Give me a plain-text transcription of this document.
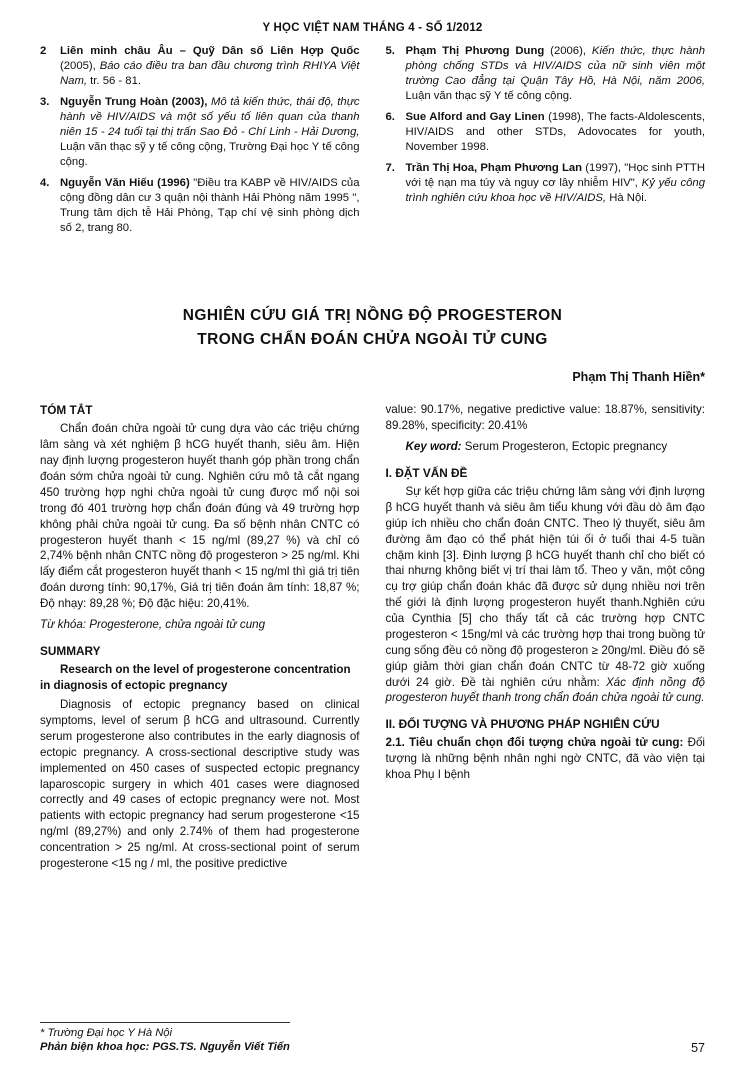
Y HỌC VIỆT NAM THÁNG 4 - SỐ 1/2012
2	Liên minh châu Âu – Quỹ Dân số Liên Hợp Quốc (2005), Báo cáo điều tra ban đầu chương trình RHIYA Việt Nam, tr. 56 - 81.
3. Nguyễn Trung Hoàn (2003), Mô tả kiến thức, thái độ, thực hành về HIV/AIDS và một số yếu tố liên quan của thanh niên 15 - 24 tuổi tại thị trấn Sao Đỏ - Chí Linh - Hải Dương, Luận văn thạc sỹ y tế công cộng, Trường Đại học Y tế công cộng.
4. Nguyễn Văn Hiếu (1996) "Điều tra KABP về HIV/AIDS của cộng đồng dân cư 3 quận nội thành Hải Phòng năm 1995 ", Trung tâm dịch tễ Hải Phòng, Tạp chí vệ sinh phòng dịch số 2, trang 80.
5. Phạm Thị Phương Dung (2006), Kiến thức, thực hành phòng chống STDs và HIV/AIDS của nữ sinh viên một trường Cao đẳng tại Quận Tây Hồ, Hà Nội, năm 2006, Luận văn thạc sỹ Y tế công cộng.
6. Sue Alford and Gay Linen (1998), The facts-Aldolescents, HIV/AIDS and other STDs, Adovocates for youth, November 1998.
7. Trần Thị Hoa, Phạm Phương Lan (1997), "Học sinh PTTH với tệ nạn ma túy và nguy cơ lây nhiễm HIV", Kỷ yếu công trình nghiên cứu khoa học về HIV/AIDS, Hà Nội.
NGHIÊN CỨU GIÁ TRỊ NỒNG ĐỘ PROGESTERON
TRONG CHẨN ĐOÁN CHỬA NGOÀI TỬ CUNG
Phạm Thị Thanh Hiền*
TÓM TẮT

Chẩn đoán chửa ngoài tử cung dựa vào các triệu chứng lâm sàng và xét nghiệm β hCG huyết thanh, siêu âm. Hiện nay định lượng progesteron huyết thanh góp phần trong chẩn đoán sớm chửa ngoài tử cung. Nghiên cứu mô tả cắt ngang 450 trường hợp nghi chửa ngoài tử cung được mổ nội soi trong đó 401 trường hợp chẩn đoán đúng và 49 trường hợp không phải chửa ngoài tử cung. Đa số bệnh nhân CNTC có progesteron huyết thanh < 15 ng/ml (89,27 %) và chỉ có 2,74% bệnh nhân CNTC nồng độ progesteron > 25 ng/ml. Khi lấy điểm cắt progesteron huyết thanh < 15 ng/ml thì giá trị tiên đoán dương tính: 90,17%, Giá trị tiên đoán âm tính: 18,87 %; Độ nhạy: 89,28 %; Độ đặc hiệu: 20,41%.

Từ khóa: Progesterone, chửa ngoài tử cung

SUMMARY

Research on the level of progesterone concentration in diagnosis of ectopic pregnancy

Diagnosis of ectopic pregnancy based on clinical symptoms, level of serum β hCG and ultrasound. Currently serum progesterone also contributes in the early diagnosis of ectopic pregnancy. A cross-sectional descriptive study was implemented on 450 cases of suspected ectopic pregnancy laparoscopic surgery in which 401 cases were diagnosed correctly and 49 cases of ectopic pregnancy were not. Most patients with ectopic pregnancy had serum progesterone <15 ng/ml (89,27%) and only 2.74% of them had progesterone concentration > 25 ng/ml. At cross-sectional point of serum progesterone <15 ng / ml, the positive predictive

value: 90.17%, negative predictive value: 18.87%, sensitivity: 89.28%, specificity: 20.41%

Key word: Serum Progesteron, Ectopic pregnancy

I. ĐẶT VẤN ĐỀ

Sự kết hợp giữa các triệu chứng lâm sàng với định lượng β hCG huyết thanh và siêu âm tiểu khung với đầu dò âm đạo giúp ích nhiều cho chẩn đoán CNTC. Theo lý thuyết, siêu âm đường âm đạo có thể phát hiện túi ối ở tuổi thai 4-5 tuần chậm kinh [3]. Định lượng β hCG huyết thanh chỉ cho biết có thai nhưng không biết vị trí thai làm tổ. Theo y văn, một công cụ trợ giúp chẩn đoán khác đã được sử dụng nhiều nơi trên thế giới là định lượng progesteron huyết thanh.Nghiên cứu của Cynthia [5] cho thấy tất cả các trường hợp CNTC progesteron < 15ng/ml và các trường hợp thai trong buồng tử cung sống đều có nồng độ progesteron ≥ 20ng/ml. Điều đó sẽ giúp giảm thời gian chẩn đoán CNTC từ 48-72 giờ xuống dưới 24 giờ. Đề tài nghiên cứu nhằm: Xác định nồng độ progesteron huyết thanh trong chẩn đoán chửa ngoài tử cung.

II. ĐỐI TƯỢNG VÀ PHƯƠNG PHÁP NGHIÊN CỨU

2.1. Tiêu chuẩn chọn đối tượng chửa ngoài tử cung: Đối tượng là những bệnh nhân nghi ngờ CNTC, đã vào viện tại khoa Phụ I bệnh

* Trường Đại học Y Hà Nội
Phản biện khoa học: PGS.TS. Nguyễn Viết Tiến	57
